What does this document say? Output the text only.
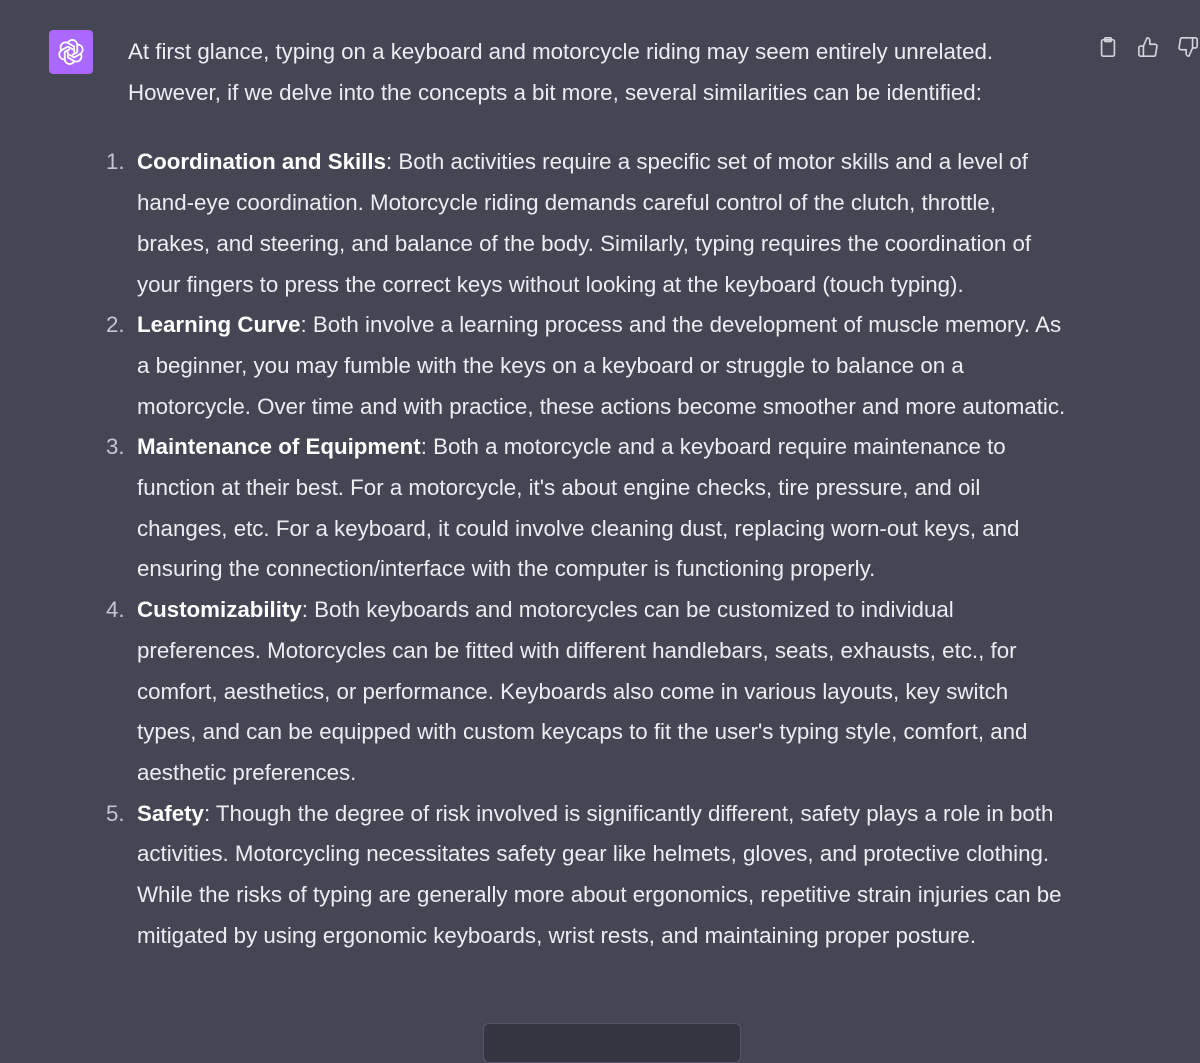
At first glance, typing on a keyboard and motorcycle riding may seem entirely unrelated. However, if we delve into the concepts a bit more, several similarities can be identified:

1. Coordination and Skills: Both activities require a specific set of motor skills and a level of hand-eye coordination. Motorcycle riding demands careful control of the clutch, throttle, brakes, and steering, and balance of the body. Similarly, typing requires the coordination of your fingers to press the correct keys without looking at the keyboard (touch typing).
2. Learning Curve: Both involve a learning process and the development of muscle memory. As a beginner, you may fumble with the keys on a keyboard or struggle to balance on a motorcycle. Over time and with practice, these actions become smoother and more automatic.
3. Maintenance of Equipment: Both a motorcycle and a keyboard require maintenance to function at their best. For a motorcycle, it's about engine checks, tire pressure, and oil changes, etc. For a keyboard, it could involve cleaning dust, replacing worn-out keys, and ensuring the connection/interface with the computer is functioning properly.
4. Customizability: Both keyboards and motorcycles can be customized to individual preferences. Motorcycles can be fitted with different handlebars, seats, exhausts, etc., for comfort, aesthetics, or performance. Keyboards also come in various layouts, key switch types, and can be equipped with custom keycaps to fit the user's typing style, comfort, and aesthetic preferences.
5. Safety: Though the degree of risk involved is significantly different, safety plays a role in both activities. Motorcycling necessitates safety gear like helmets, gloves, and protective clothing. While the risks of typing are generally more about ergonomics, repetitive strain injuries can be mitigated by using ergonomic keyboards, wrist rests, and maintaining proper posture.
